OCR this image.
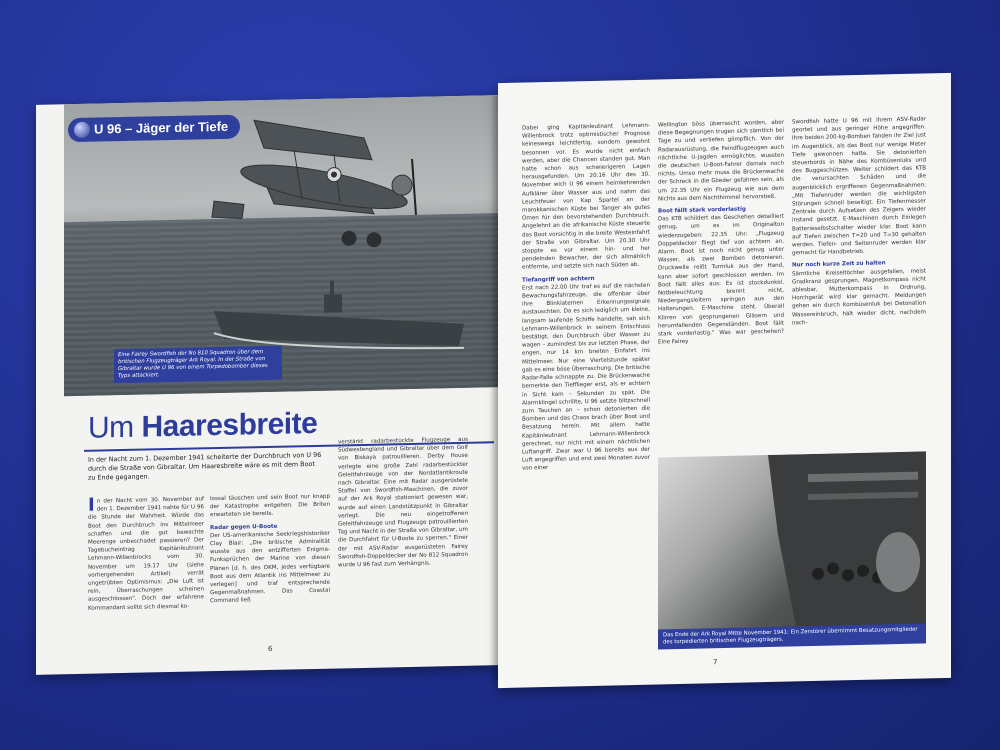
Eine Fairey Swordfish der No 810 Squadron über dem britischen Flugzeugträger Ark Royal. In der Straße von Gibraltar wurde U 96 von einem Torpedobomber dieses Typs attackiert.
U 96 – Jäger der Tiefe
Um Haaresbreite
In der Nacht zum 1. Dezember 1941 scheiterte der Durchbruch von U 96 durch die Straße von Gibraltar. Um Haaresbreite wäre es mit dem Boot zu Ende gegangen.
In der Nacht vom 30. November auf den 1. Dezember 1941 nahte für U 96 die Stunde der Wahrheit. Würde das Boot den Durchbruch ins Mittelmeer schaffen und die gut bewachte Meerenge unbeschadet passieren? Der Tagebucheintrag Kapitänleutnant Lehmann-Willenbrocks vom 30. November um 19.17 Uhr (siehe vorhergehenden Artikel) verrät ungetrübten Optimismus: „Die Luft ist rein, Überraschungen scheinen ausgeschlossen". Doch der erfahrene Kommandant sollte sich diesmal ko-
lossal täuschen und sein Boot nur knapp der Katastrophe entgehen. Die Briten erwarteten sie bereits.
Radar gegen U-Boote
Der US-amerikanische Seekriegshistoriker Clay Blair: „Die britische Admiralität wusste aus den entzifferten Enigma-Funksprüchen der Marine von diesen Plänen [d. h. des OKM, jedes verfügbare Boot aus dem Atlantik ins Mittelmeer zu verlegen] und traf entsprechende Gegenmaßnahmen. Das Coastal Command ließ
verstärkt radarbestückte Flugzeuge aus Südwestengland und Gibraltar über dem Golf von Biskaya patrouillieren. Derby House verlegte eine große Zahl radarbestückter Geleitfahrzeuge von der Nordatlantikroute nach Gibraltar. Eine mit Radar ausgerüstete Staffel von Swordfish-Maschinen, die zuvor auf der Ark Royal stationiert gewesen war, wurde auf einen Landstützpunkt in Gibraltar verlegt. Die neu eingetroffenen Geleitfahrzeuge und Flugzeuge patrouillierten Tag und Nacht in der Straße von Gibraltar, um die Durchfahrt für U-Boote zu sperren." Einer der mit ASV-Radar ausgerüsteten Fairey Swordfish-Doppeldecker der No 812 Squadron wurde U 96 fast zum Verhängnis.
6
Dabei ging Kapitänleutnant Lehmann-Willenbrock trotz optimistischer Prognose keineswegs leichtfertig, sondern gewohnt besonnen vor. Es wurde nicht einfach werden, aber die Chancen standen gut. Man hatte schon aus schwierigeren Lagen herausgefunden. Um 20.16 Uhr des 30. November wich U 96 einem heimkehrenden Aufklärer über Wasser aus und nahm das Leuchtfeuer von Kap Spartel an der marokkanischen Küste bei Tanger als gutes Omen für den bevorstehenden Durchbruch. Angelehnt an die afrikanische Küste steuerte das Boot vorsichtig in die breite Westeinfahrt der Straße von Gibraltar. Um 20.30 Uhr stoppte es vor einem hin- und her pendelnden Bewacher, der sich allmählich entfernte, und setzte sich nach Süden ab.
Tiefangriff von achtern
Erst nach 22.00 Uhr traf es auf die nächsten Bewachungsfahrzeuge, die offenbar über ihre Blinklaternen Erkennungssignale austauschten. Da es sich lediglich um kleine, langsam laufende Schiffe handelte, sah sich Lehmann-Willenbrock in seinem Entschluss bestätigt, den Durchbruch über Wasser zu wagen – zumindest bis zur letzten Phase, der engen, nur 14 km breiten Einfahrt ins Mittelmeer. Nur eine Viertelstunde später gab es eine böse Überraschung. Die britische Radar-Falle schnappte zu. Die Brückenwache bemerkte den Tiefflieger erst, als er achtern in Sicht kam – Sekunden zu spät. Die Alarmklingel schrillte, U 96 setzte blitzschnell zum Tauchen an – schon detonierten die Bomben und das Chaos brach über Boot und Besatzung herein. Mit allem hatte Kapitänleutnant Lehmann-Willenbrock gerechnet, nur nicht mit einem nächtlichen Luftangriff. Zwar war U 96 bereits aus der Luft angegriffen und erst zwei Monaten zuvor von einer
Wellington böss überrascht worden, aber diese Begegnungen trugen sich sämtlich bei Tage zu und verliefen glimpflich. Von der Radarausrüstung, die Feindflugzeugen auch nächtliche U-Jagden ermöglichte, wussten die deutschen U-Boot-Fahrer damals noch nichts. Umso mehr muss die Brückenwache der Schreck in die Glieder gefahren sein, als um 22.35 Uhr ein Flugzeug wie aus dem Nichts aus dem Nachthimmel hervorstieß.
Boot fällt stark vorderlastig
Das KTB schildert das Geschehen detailliert genug, um es im Originalton wiederzugeben: 22.35 Uhr: „Flugzeug Doppeldecker fliegt tief von achtern an. Alarm. Boot ist noch nicht genug unter Wasser, als zwei Bomben detonieren. Druckwelle reißt Turmluk aus der Hand, kann aber sofort geschlossen werden. Im Boot fällt alles aus: Es ist stockdunkel. Notbeleuchtung brennt nicht, Niedergangsleitern springen aus den Halterungen. E-Maschine steht. Überall Klirren von gesprungenen Gläsern und herumfallenden Gegenständen. Boot fällt stark vorderlastig." Was war geschehen? Eine Fairey
Swordfish hatte U 96 mit ihrem ASV-Radar geortet und aus geringer Höhe angegriffen. Ihre beiden 200-kg-Bomben fanden ihr Ziel just im Augenblick, als das Boot nur wenige Meter Tiefe gewonnen hatte. Sie detonierten steuerbords in Nähe des Kombüsenluks und des Buggeschützes. Weiter schildert das KTB die verursachten Schäden und die augenblicklich ergriffenen Gegenmaßnahmen: „Mit Tiefenruder werden die wichtigsten Störungen schnell beseitigt. Ein Tiefenmesser Zentrale durch Aufsetzen des Zeigers wieder instand gesetzt. E-Maschinen durch Einlegen Batterieselbstschalter wieder klar. Boot kann auf Tiefen zwischen T=20 und T=30 gehalten werden. Tiefen- und Seitenruder werden klar gemacht für Handbetrieb.
Nur noch kurze Zeit zu halten
Sämtliche Kreiseltöchter ausgefallen, meist Gradkranz gesprungen, Magnetkompass nicht ablesbar, Mutterkompass in Ordnung, Horchgerät wird klar gemacht. Meldungen gehen ein durch Kombüsenluk bei Detonation Wassereinbruch, hält wieder dicht, nachdem nach-
Das Ende der Ark Royal Mitte November 1941: Ein Zerstörer übernimmt Besatzungsmitglieder des torpedierten britischen Flugzeugträgers.
7
